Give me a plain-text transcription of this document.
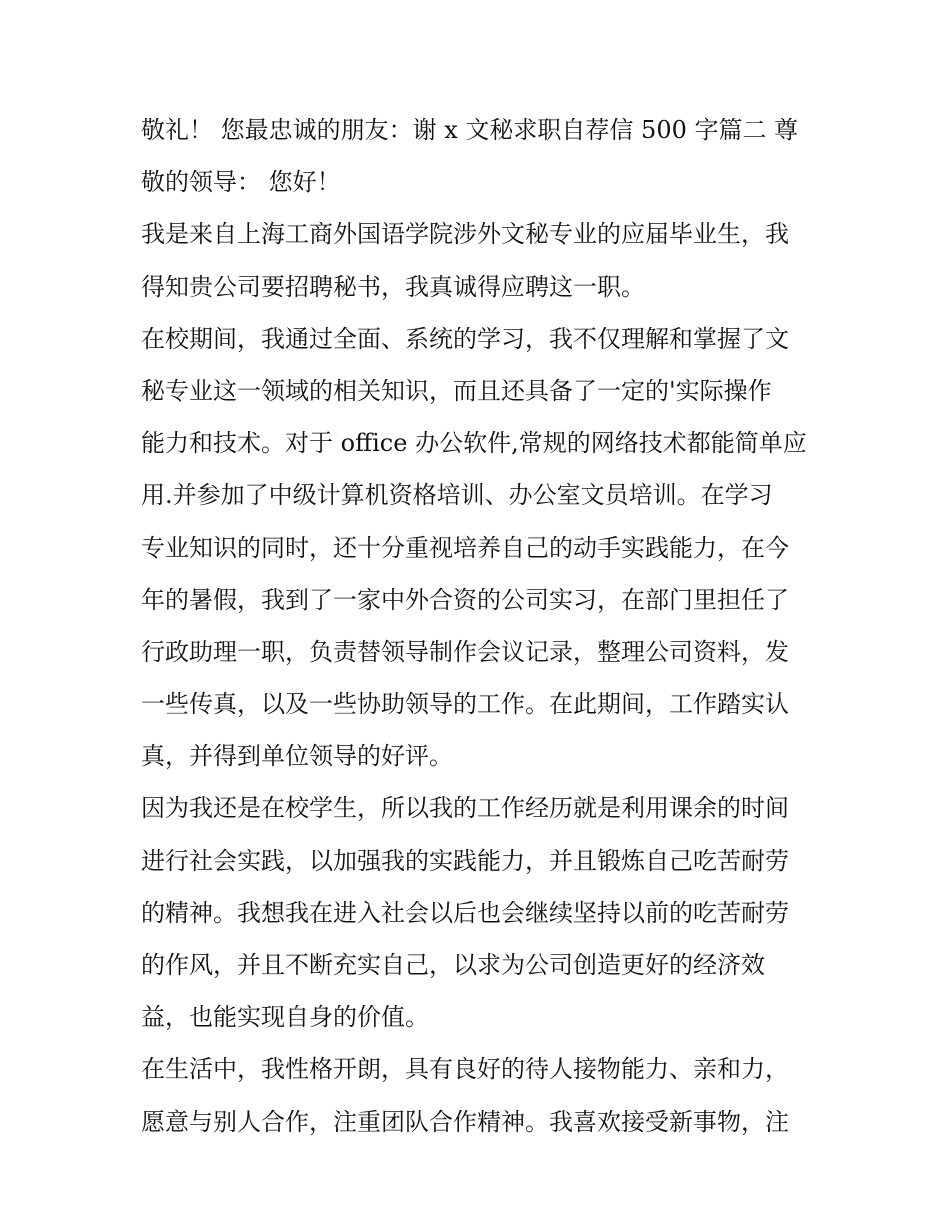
敬礼！ 您最忠诚的朋友：谢 x 文秘求职自荐信 500 字篇二 尊
敬的领导： 您好！
我是来自上海工商外国语学院涉外文秘专业的应届毕业生，我
得知贵公司要招聘秘书，我真诚得应聘这一职。
在校期间，我通过全面、系统的学习，我不仅理解和掌握了文
秘专业这一领域的相关知识，而且还具备了一定的'实际操作
能力和技术。对于 office 办公软件,常规的网络技术都能简单应
用.并参加了中级计算机资格培训、办公室文员培训。在学习
专业知识的同时，还十分重视培养自己的动手实践能力，在今
年的暑假，我到了一家中外合资的公司实习，在部门里担任了
行政助理一职，负责替领导制作会议记录，整理公司资料，发
一些传真，以及一些协助领导的工作。在此期间，工作踏实认
真，并得到单位领导的好评。
因为我还是在校学生，所以我的工作经历就是利用课余的时间
进行社会实践，以加强我的实践能力，并且锻炼自己吃苦耐劳
的精神。我想我在进入社会以后也会继续坚持以前的吃苦耐劳
的作风，并且不断充实自己，以求为公司创造更好的经济效
益，也能实现自身的价值。
在生活中，我性格开朗，具有良好的待人接物能力、亲和力，
愿意与别人合作，注重团队合作精神。我喜欢接受新事物，注
